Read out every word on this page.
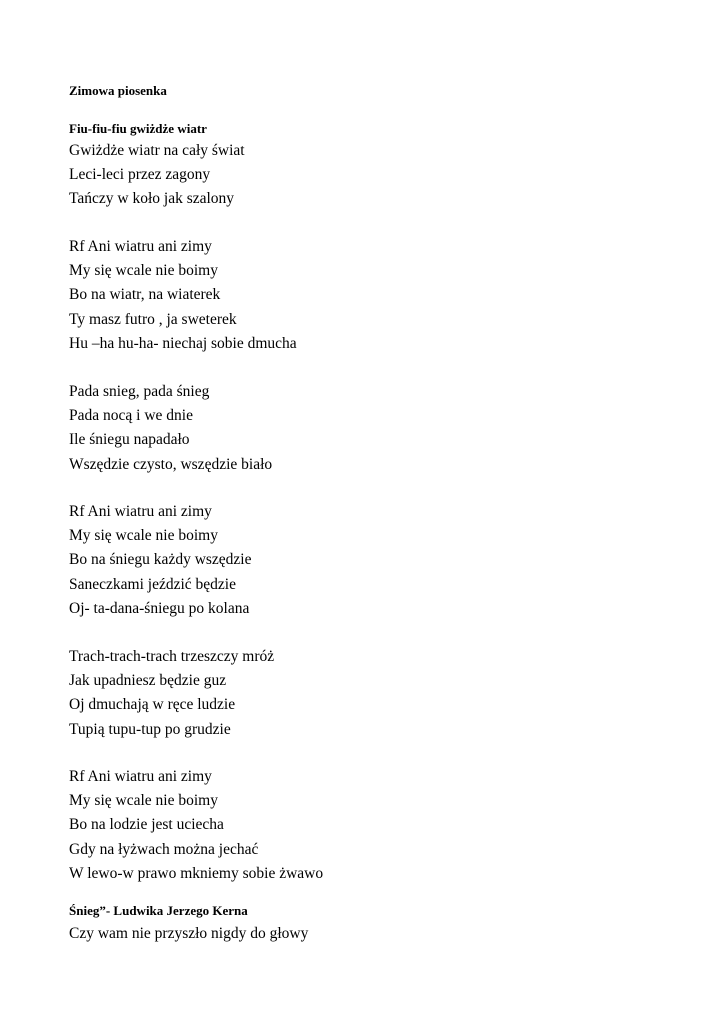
Zimowa piosenka
Fiu-fiu-fiu gwiżdże wiatr
Gwiżdże wiatr na cały świat
Leci-leci przez zagony
Tańczy w koło jak szalony
Rf Ani wiatru ani zimy
My się wcale nie boimy
Bo na wiatr, na wiaterek
Ty masz futro , ja sweterek
Hu –ha hu-ha- niechaj sobie dmucha
Pada snieg, pada śnieg
Pada nocą i we dnie
Ile śniegu napadało
Wszędzie czysto, wszędzie biało
Rf Ani wiatru ani zimy
My się wcale nie boimy
Bo na śniegu każdy wszędzie
Saneczkami jeździć będzie
Oj- ta-dana-śniegu po kolana
Trach-trach-trach trzeszczy mróż
Jak upadniesz będzie guz
Oj dmuchają w ręce ludzie
Tupią tupu-tup po grudzie
Rf Ani wiatru ani zimy
My się wcale nie boimy
Bo na lodzie jest uciecha
Gdy na łyżwach można jechać
W lewo-w prawo mkniemy sobie żwawo
Śnieg”- Ludwika Jerzego Kerna
Czy wam nie przyszło nigdy do głowy
